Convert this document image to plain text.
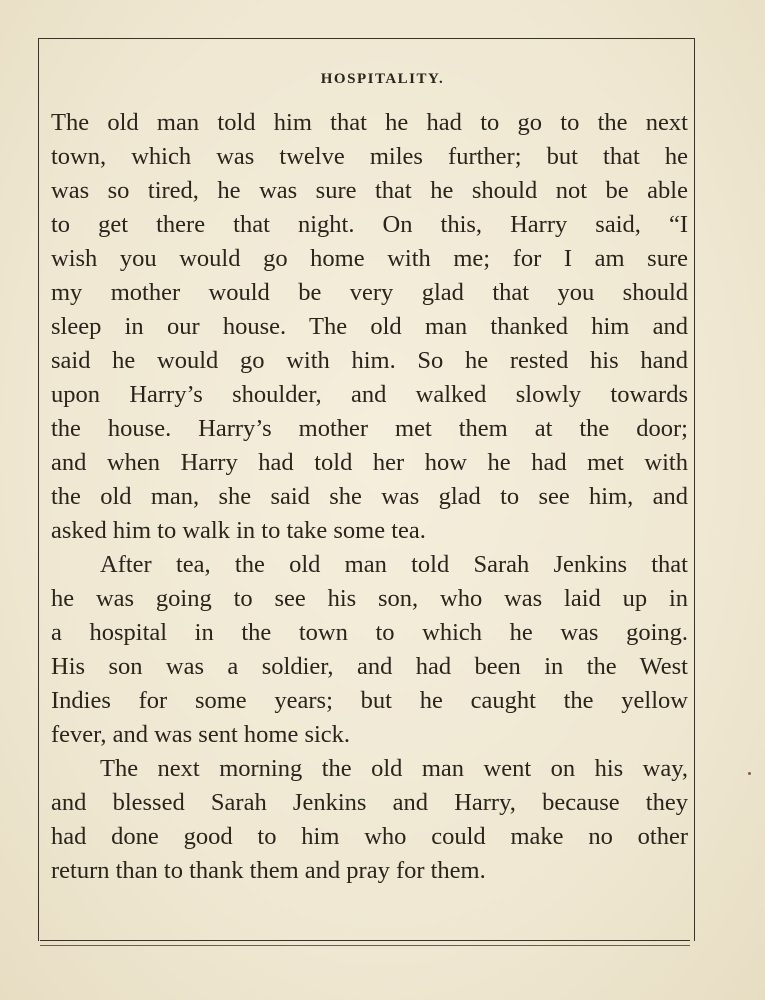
HOSPITALITY.
The old man told him that he had to go to the next
town, which was twelve miles further; but that he
was so tired, he was sure that he should not be able
to get there that night. On this, Harry said, “I
wish you would go home with me; for I am sure
my mother would be very glad that you should
sleep in our house. The old man thanked him and
said he would go with him. So he rested his hand
upon Harry’s shoulder, and walked slowly towards
the house. Harry’s mother met them at the door;
and when Harry had told her how he had met with
the old man, she said she was glad to see him, and
asked him to walk in to take some tea.
After tea, the old man told Sarah Jenkins that
he was going to see his son, who was laid up in
a hospital in the town to which he was going.
His son was a soldier, and had been in the West
Indies for some years; but he caught the yellow
fever, and was sent home sick.
The next morning the old man went on his way,
and blessed Sarah Jenkins and Harry, because they
had done good to him who could make no other
return than to thank them and pray for them.
